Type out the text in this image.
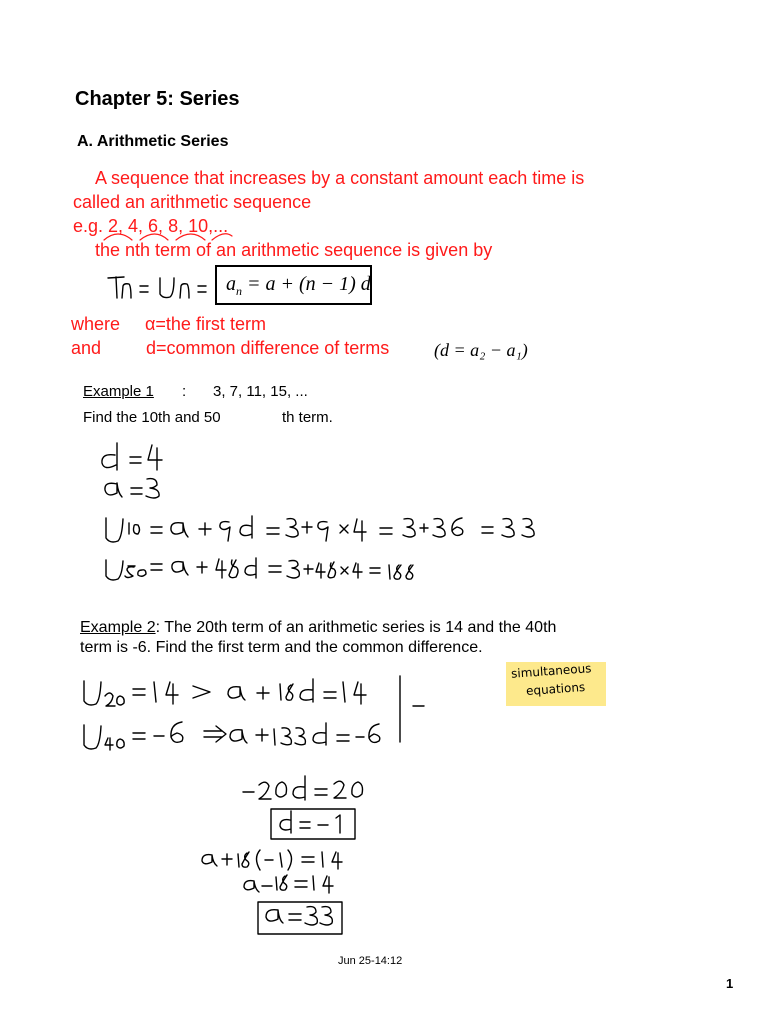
Chapter 5: Series
A. Arithmetic Series
A sequence that increases by a constant amount each time is
called an arithmetic sequence
e.g. 2, 4, 6, 8, 10,...
the nth term of an arithmetic sequence is given by
$a_n = a + (n - 1)$ d
where α=the first term
and d=common difference of terms (d = a₂ − a₁)
Example 1 : 3, 7, 11, 15, ...
Find the 10th and 50	th term.
Example 2: The 20th term of an arithmetic series is 14 and the 40th
term is -6. Find the first term and the common difference.
simultaneous
equations
Jun 25-14:12
1
